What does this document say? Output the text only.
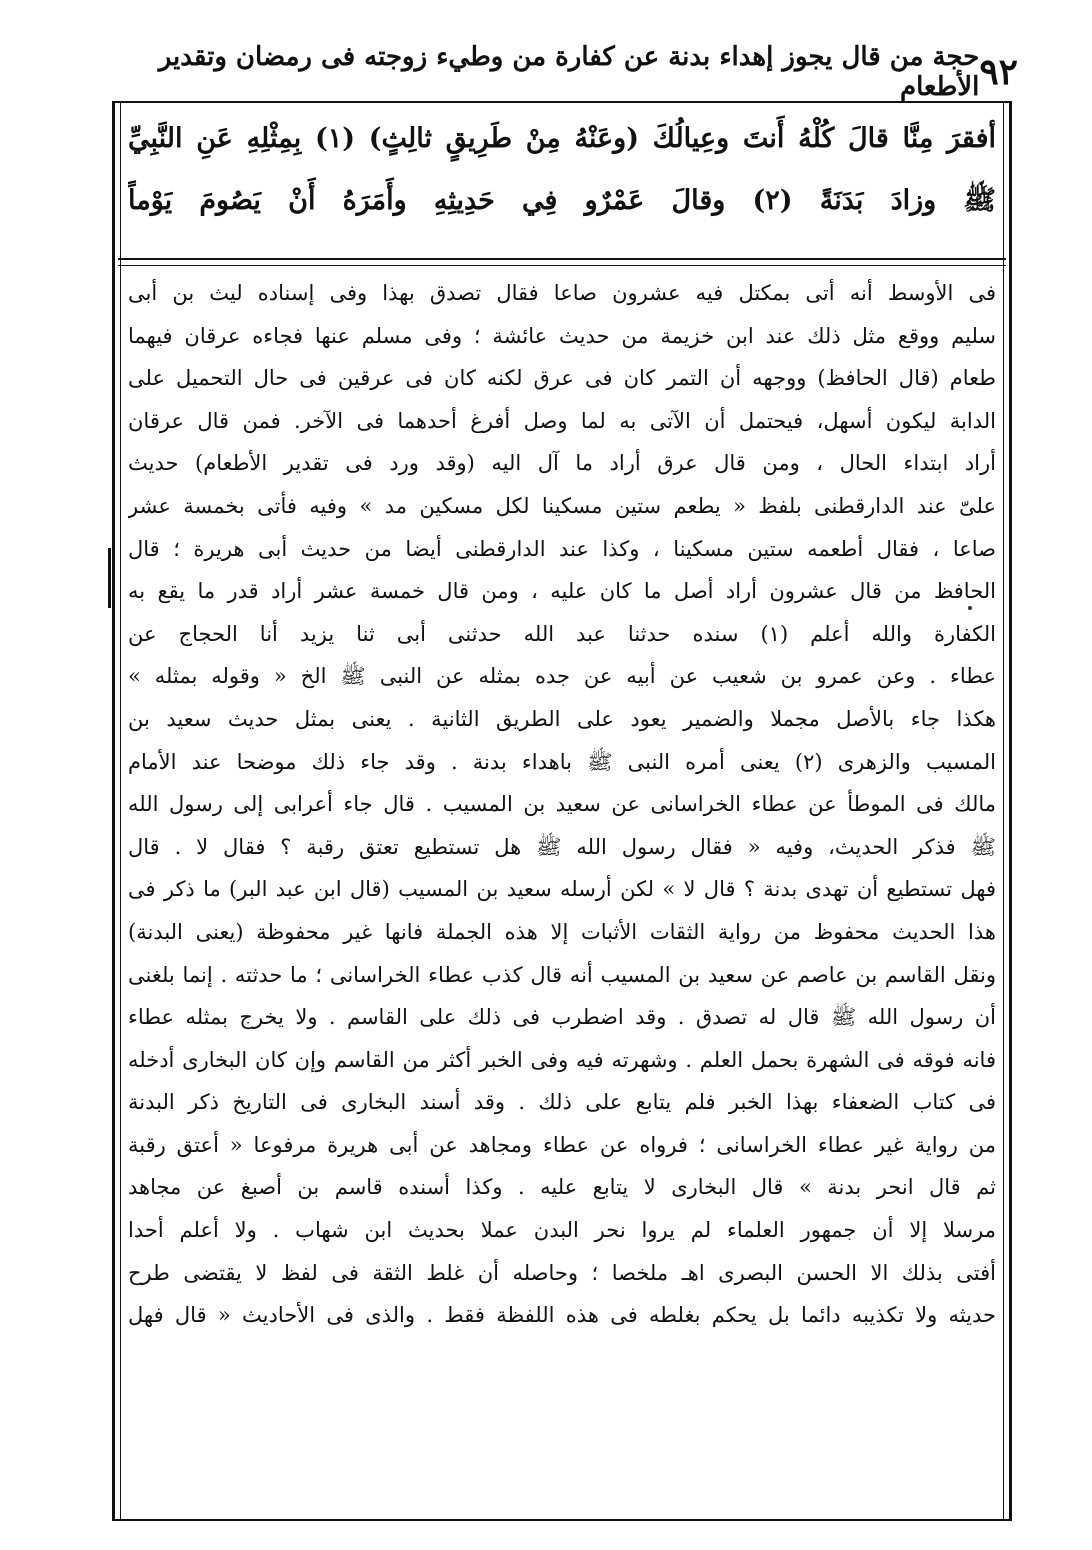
٩٢
حجة من قال يجوز إهداء بدنة عن كفارة من وطيء زوجته فى رمضان وتقدير الأطعام
أفقرَ مِنَّا قالَ كُلْهُ أَنتَ وعِيالُكَ (وعَنْهُ مِنْ طَرِيقٍ ثالِثٍ) (١) بِمِثْلِهِ عَنِ النَّبِيِّ
ﷺ وزادَ بَدَنَةً (٢) وقالَ عَمْرٌو فِي حَدِيثِهِ وأَمَرَهُ أَنْ يَصُومَ يَوْماً
فى الأوسط أنه أتى بمكتل فيه عشرون صاعا فقال تصدق بهذا وفى إسناده ليث بن أبى
سليم ووقع مثل ذلك عند ابن خزيمة من حديث عائشة ؛ وفى مسلم عنها فجاءه عرقان فيهما
طعام (قال الحافظ) ووجهه أن التمر كان فى عرق لكنه كان فى عرقين فى حال التحميل على
الدابة ليكون أسهل، فيحتمل أن الآتى به لما وصل أفرغ أحدهما فى الآخر. فمن قال عرقان
أراد ابتداء الحال ، ومن قال عرق أراد ما آل اليه (وقد ورد فى تقدير الأطعام) حديث
علىّ عند الدارقطنى بلفظ « يطعم ستين مسكينا لكل مسكين مد » وفيه فأتى بخمسة عشر
صاعا ، فقال أطعمه ستين مسكينا ، وكذا عند الدارقطنى أيضا من حديث أبى هريرة ؛ قال
الحافظ من قال عشرون أراد أصل ما كان عليه ، ومن قال خمسة عشر أراد قدر ما يقع به
الكفارة والله أعلم (١) سنده حدثنا عبد الله حدثنى أبى ثنا يزيد أنا الحجاج عن
عطاء . وعن عمرو بن شعيب عن أبيه عن جده بمثله عن النبى ﷺ الخ « وقوله بمثله »
هكذا جاء بالأصل مجملا والضمير يعود على الطريق الثانية . يعنى بمثل حديث سعيد بن
المسيب والزهرى (٢) يعنى أمره النبى ﷺ باهداء بدنة . وقد جاء ذلك موضحا عند الأمام
مالك فى الموطأ عن عطاء الخراسانى عن سعيد بن المسيب . قال جاء أعرابى إلى رسول الله
ﷺ فذكر الحديث، وفيه « فقال رسول الله ﷺ هل تستطيع تعتق رقبة ؟ فقال لا . قال
فهل تستطيع أن تهدى بدنة ؟ قال لا » لكن أرسله سعيد بن المسيب (قال ابن عبد البر) ما ذكر فى
هذا الحديث محفوظ من رواية الثقات الأثبات إلا هذه الجملة فانها غير محفوظة (يعنى البدنة)
ونقل القاسم بن عاصم عن سعيد بن المسيب أنه قال كذب عطاء الخراسانى ؛ ما حدثته . إنما بلغنى
أن رسول الله ﷺ قال له تصدق . وقد اضطرب فى ذلك على القاسم . ولا يخرج بمثله عطاء
فانه فوقه فى الشهرة بحمل العلم . وشهرته فيه وفى الخبر أكثر من القاسم وإن كان البخارى أدخله
فى كتاب الضعفاء بهذا الخبر فلم يتابع على ذلك . وقد أسند البخارى فى التاريخ ذكر البدنة
من رواية غير عطاء الخراسانى ؛ فرواه عن عطاء ومجاهد عن أبى هريرة مرفوعا « أعتق رقبة
ثم قال انحر بدنة » قال البخارى لا يتابع عليه . وكذا أسنده قاسم بن أصبغ عن مجاهد
مرسلا إلا أن جمهور العلماء لم يروا نحر البدن عملا بحديث ابن شهاب . ولا أعلم أحدا
أفتى بذلك الا الحسن البصرى اهـ ملخصا ؛ وحاصله أن غلط الثقة فى لفظ لا يقتضى طرح
حديثه ولا تكذيبه دائما بل يحكم بغلطه فى هذه اللفظة فقط . والذى فى الأحاديث « قال فهل
